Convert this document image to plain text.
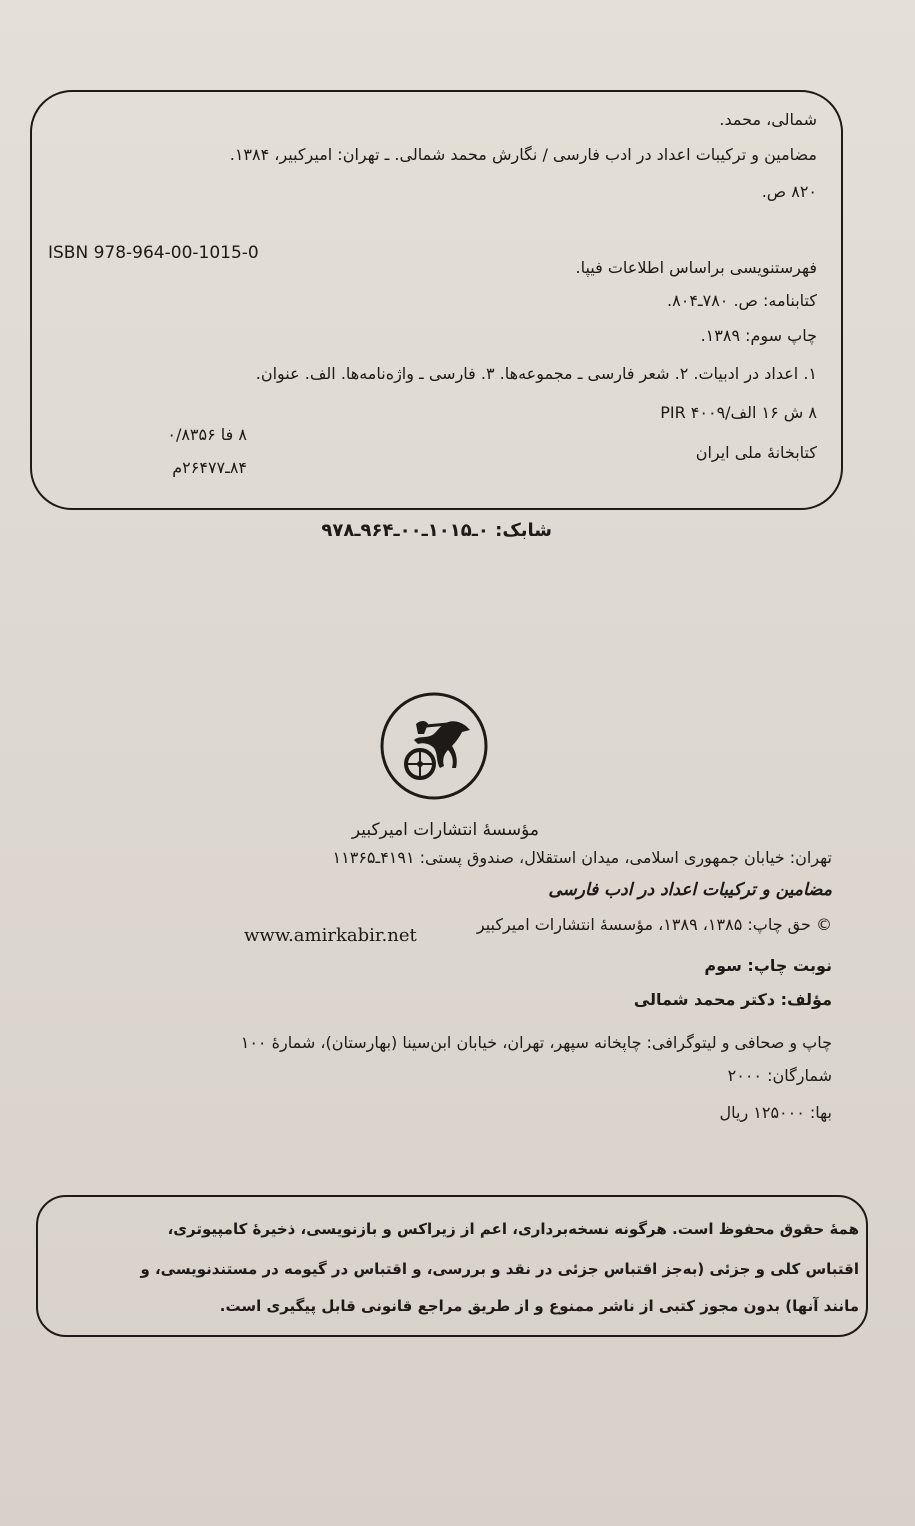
شمالی، محمد.
مضامین و ترکیبات اعداد در ادب فارسی / نگارش محمد شمالی. ـ تهران: امیرکبیر، ۱۳۸۴.
۸۲۰ ص.
ISBN 978-964-00-1015-0
فهرستنویسی براساس اطلاعات فیپا.
کتابنامه: ص. ۷۸۰ـ۸۰۴.
چاپ سوم: ۱۳۸۹.
۱. اعداد در ادبیات. ۲. شعر فارسی ـ مجموعه‌ها. ۳. فارسی ـ واژه‌نامه‌ها. الف. عنوان.
۸ ش ۱۶ الف/۴۰۰۹ PIR
۸ فا ۰/۸۳۵۶
کتابخانهٔ ملی ایران
۸۴ـ۲۶۴۷۷م
شابک: ۰ـ۱۰۱۵ـ۰۰ـ۹۶۴ـ۹۷۸
مؤسسهٔ انتشارات امیرکبیر
تهران: خیابان جمهوری اسلامی، میدان استقلال، صندوق پستی: ۴۱۹۱ـ۱۱۳۶۵
مضامین و ترکیبات اعداد در ادب فارسی
© حق چاپ: ۱۳۸۵، ۱۳۸۹، مؤسسهٔ انتشارات امیرکبیر
www.amirkabir.net
نوبت چاپ: سوم
مؤلف: دکتر محمد شمالی
چاپ و صحافی و لیتوگرافی: چاپخانه سپهر، تهران، خیابان ابن‌سینا (بهارستان)، شمارهٔ ۱۰۰
شمارگان: ۲۰۰۰
بها: ۱۲۵۰۰۰ ریال
همهٔ حقوق محفوظ است. هرگونه نسخه‌برداری، اعم از زیراکس و بازنویسی، ذخیرهٔ کامپیوتری،
اقتباس کلی و جزئی (به‌جز اقتباس جزئی در نقد و بررسی، و اقتباس در گیومه در مستندنویسی، و
مانند آنها) بدون مجوز کتبی از ناشر ممنوع و از طریق مراجع قانونی قابل پیگیری است.
